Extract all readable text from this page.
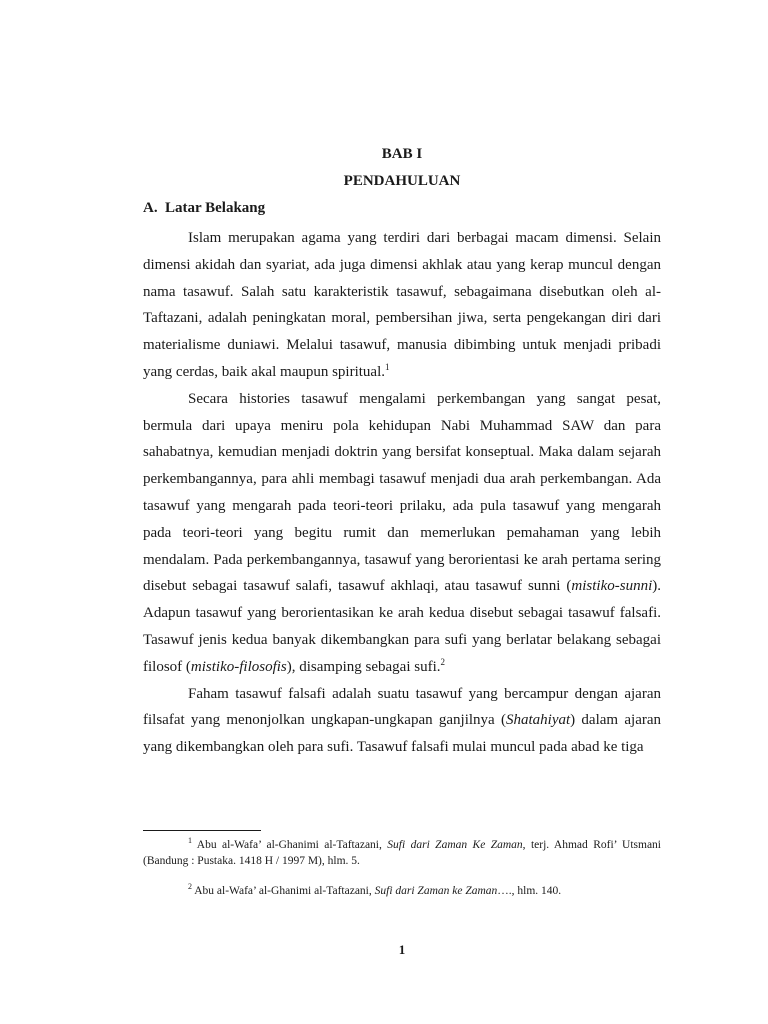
BAB I
PENDAHULUAN
A. Latar Belakang

Islam merupakan agama yang terdiri dari berbagai macam dimensi. Selain dimensi akidah dan syariat, ada juga dimensi akhlak atau yang kerap muncul dengan nama tasawuf. Salah satu karakteristik tasawuf, sebagaimana disebutkan oleh al-Taftazani, adalah peningkatan moral, pembersihan jiwa, serta pengekangan diri dari materialisme duniawi. Melalui tasawuf, manusia dibimbing untuk menjadi pribadi yang cerdas, baik akal maupun spiritual.$^1$

Secara histories tasawuf mengalami perkembangan yang sangat pesat, bermula dari upaya meniru pola kehidupan Nabi Muhammad SAW dan para sahabatnya, kemudian menjadi doktrin yang bersifat konseptual. Maka dalam sejarah perkembangannya, para ahli membagi tasawuf menjadi dua arah perkembangan. Ada tasawuf yang mengarah pada teori-teori prilaku, ada pula tasawuf yang mengarah pada teori-teori yang begitu rumit dan memerlukan pemahaman yang lebih mendalam. Pada perkembangannya, tasawuf yang berorientasi ke arah pertama sering disebut sebagai tasawuf salafi, tasawuf akhlaqi, atau tasawuf sunni (mistiko-sunni). Adapun tasawuf yang berorientasikan ke arah kedua disebut sebagai tasawuf falsafi. Tasawuf jenis kedua banyak dikembangkan para sufi yang berlatar belakang sebagai filosof (mistiko-filosofis), disamping sebagai sufi.$^2$

Faham tasawuf falsafi adalah suatu tasawuf yang bercampur dengan ajaran filsafat yang menonjolkan ungkapan-ungkapan ganjilnya (Shatahiyat) dalam ajaran yang dikembangkan oleh para sufi. Tasawuf falsafi mulai muncul pada abad ke tiga

$^1$ Abu al-Wafa’ al-Ghanimi al-Taftazani, Sufi dari Zaman Ke Zaman, terj. Ahmad Rofi’ Utsmani (Bandung : Pustaka. 1418 H / 1997 M), hlm. 5.

$^2$ Abu al-Wafa’ al-Ghanimi al-Taftazani, Sufi dari Zaman ke Zaman…., hlm. 140.

1
